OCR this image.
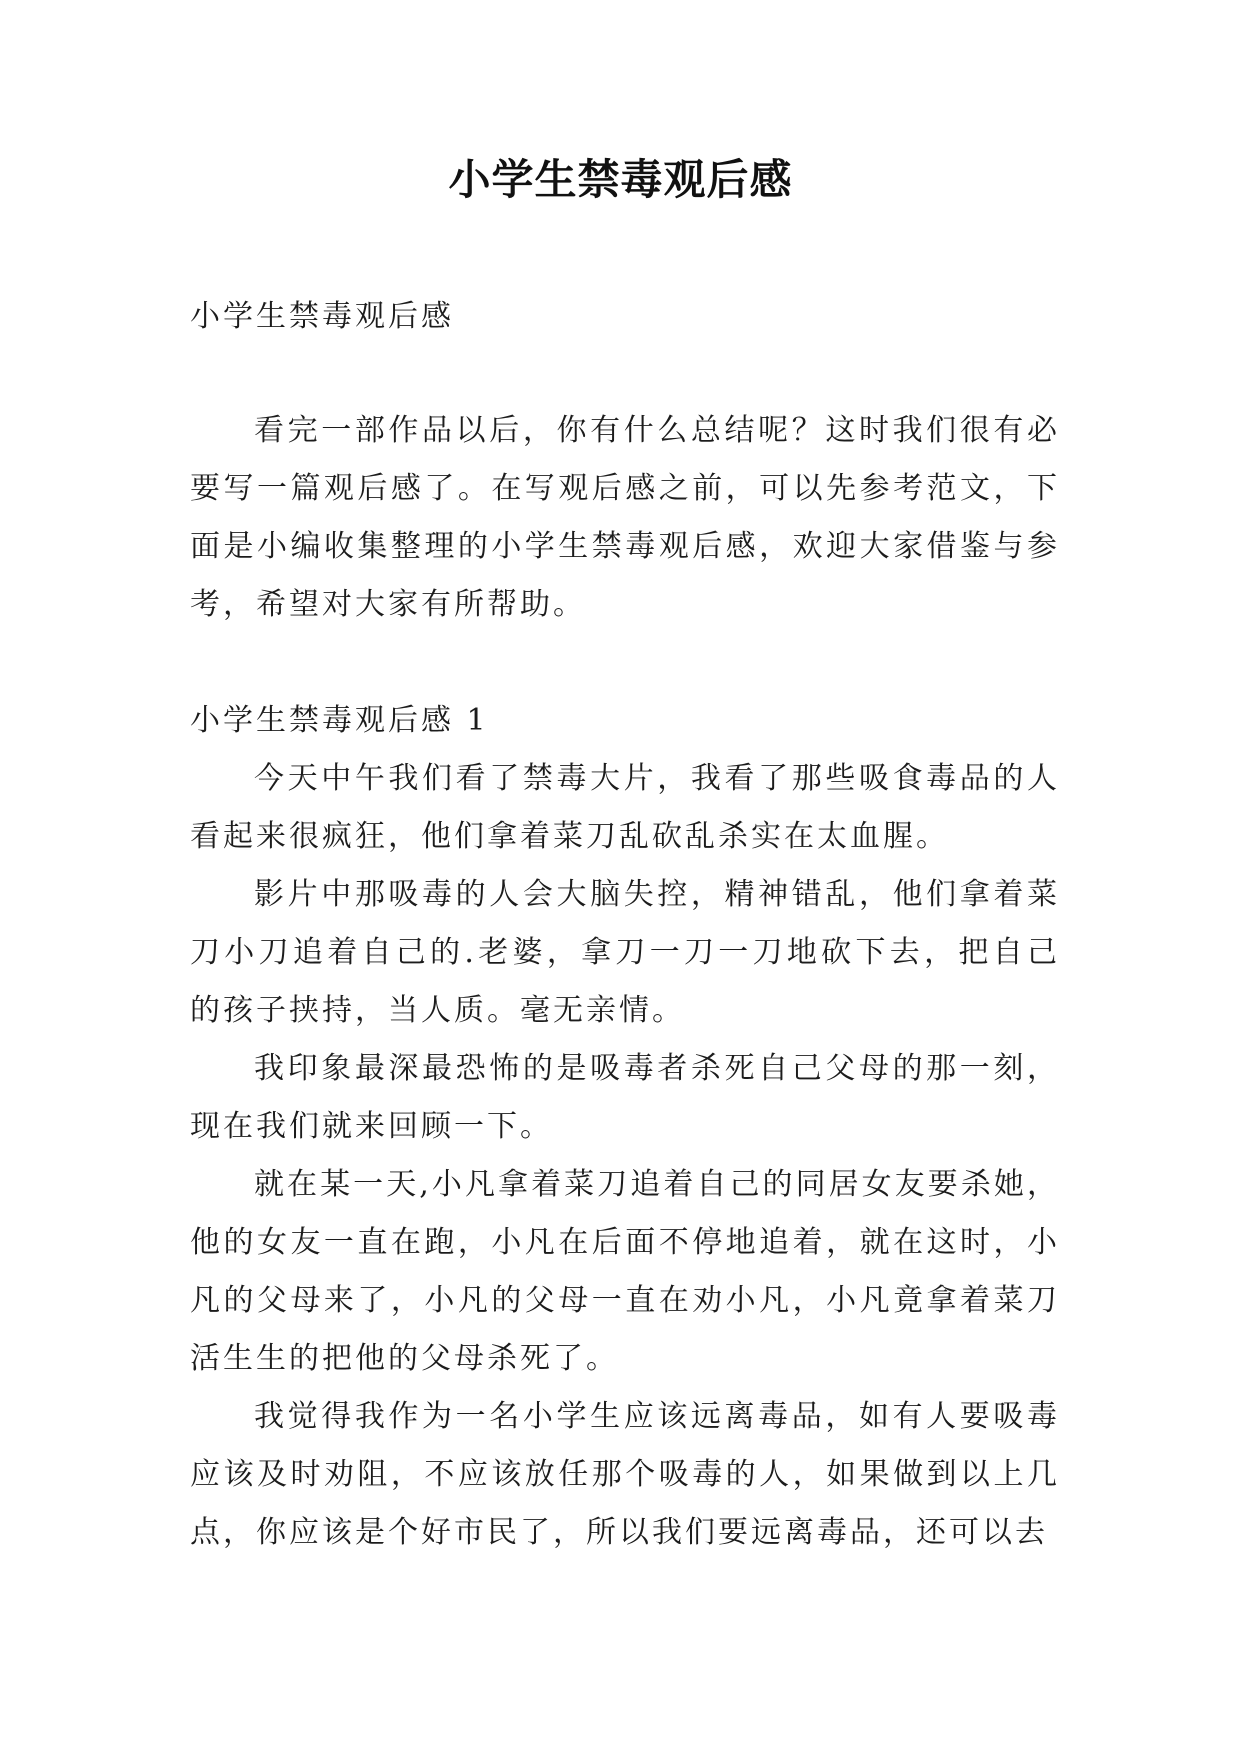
小学生禁毒观后感

小学生禁毒观后感

看完一部作品以后，你有什么总结呢？这时我们很有必要写一篇观后感了。在写观后感之前，可以先参考范文，下面是小编收集整理的小学生禁毒观后感，欢迎大家借鉴与参考，希望对大家有所帮助。

小学生禁毒观后感 1

今天中午我们看了禁毒大片，我看了那些吸食毒品的人看起来很疯狂，他们拿着菜刀乱砍乱杀实在太血腥。

影片中那吸毒的人会大脑失控，精神错乱，他们拿着菜刀小刀追着自己的.老婆，拿刀一刀一刀地砍下去，把自己的孩子挟持，当人质。毫无亲情。

我印象最深最恐怖的是吸毒者杀死自己父母的那一刻，现在我们就来回顾一下。

就在某一天,小凡拿着菜刀追着自己的同居女友要杀她，他的女友一直在跑，小凡在后面不停地追着，就在这时，小凡的父母来了，小凡的父母一直在劝小凡，小凡竟拿着菜刀活生生的把他的父母杀死了。

我觉得我作为一名小学生应该远离毒品，如有人要吸毒应该及时劝阻，不应该放任那个吸毒的人，如果做到以上几点，你应该是个好市民了，所以我们要远离毒品，还可以去
